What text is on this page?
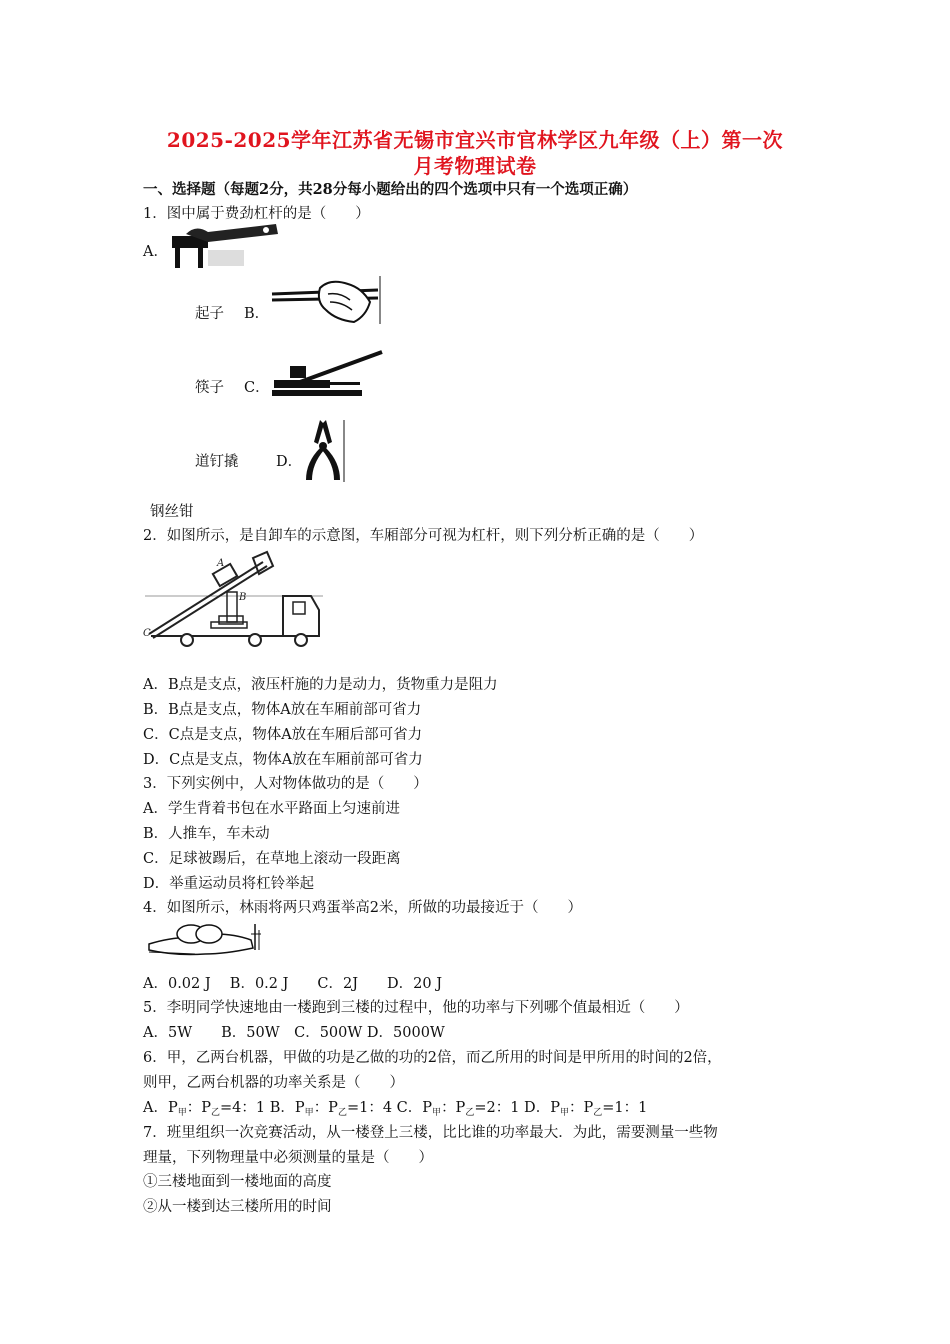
2025-2025学年江苏省无锡市宜兴市官林学区九年级（上）第一次
月考物理试卷
一、选择题（每题2分，共28分每小题给出的四个选项中只有一个选项正确）
1．图中属于费劲杠杆的是（　　）
A．
起子 B．
筷子 C．
道钉撬	D．
钢丝钳
2．如图所示，是自卸车的示意图，车厢部分可视为杠杆，则下列分析正确的是（　　）
A
B
C
A．B点是支点，液压杆施的力是动力，货物重力是阻力
B．B点是支点，物体A放在车厢前部可省力
C．C点是支点，物体A放在车厢后部可省力
D．C点是支点，物体A放在车厢前部可省力
3．下列实例中，人对物体做功的是（　　）
A．学生背着书包在水平路面上匀速前进
B．人推车，车未动
C．足球被踢后，在草地上滚动一段距离
D．举重运动员将杠铃举起
4．如图所示，林雨将两只鸡蛋举高2米，所做的功最接近于（　　）
A．0.02 J　 B．0.2 J　　C．2J　　D．20 J
5．李明同学快速地由一楼跑到三楼的过程中，他的功率与下列哪个值最相近（　　）
A．5W　　B．50W　C．500W D．5000W
6．甲，乙两台机器，甲做的功是乙做的功的2倍，而乙所用的时间是甲所用的时间的2倍，
则甲，乙两台机器的功率关系是（　　）
A．$P_甲$：$P_乙=4$：1 B．$P_甲$：$P_乙=1$：4 C．$P_甲$：$P_乙=2$：1 D．$P_甲$：$P_乙=1$：1
7．班里组织一次竞赛活动，从一楼登上三楼，比比谁的功率最大．为此，需要测量一些物
理量，下列物理量中必须测量的量是（　　）
①三楼地面到一楼地面的高度
②从一楼到达三楼所用的时间
